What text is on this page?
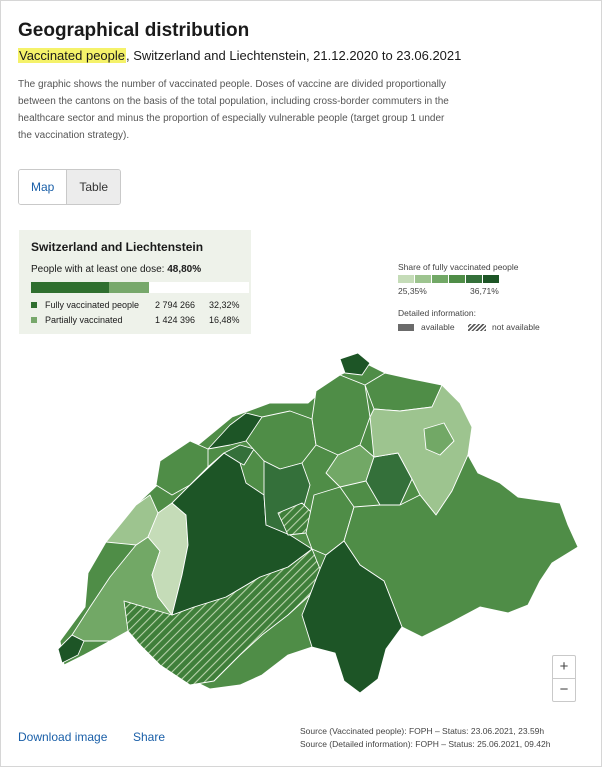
Geographical distribution
Vaccinated people, Switzerland and Liechtenstein, 21.12.2020 to 23.06.2021
The graphic shows the number of vaccinated people. Doses of vaccine are divided proportionally between the cantons on the basis of the total population, including cross-border commuters in the healthcare sector and minus the proportion of especially vulnerable people (target group 1 under the vaccination strategy).
Map	Table
Switzerland and Liechtenstein
People with at least one dose: 48,80%
Fully vaccinated people 2 794 266 32,32%
Partially vaccinated	1 424 396 16,48%
Share of fully vaccinated people
25,35%	36,71%
Detailed information:
available	not available
+
−
Download image Share	Source (Vaccinated people): FOPH – Status: 23.06.2021, 23.59h
Source (Detailed information): FOPH – Status: 25.06.2021, 09.42h
